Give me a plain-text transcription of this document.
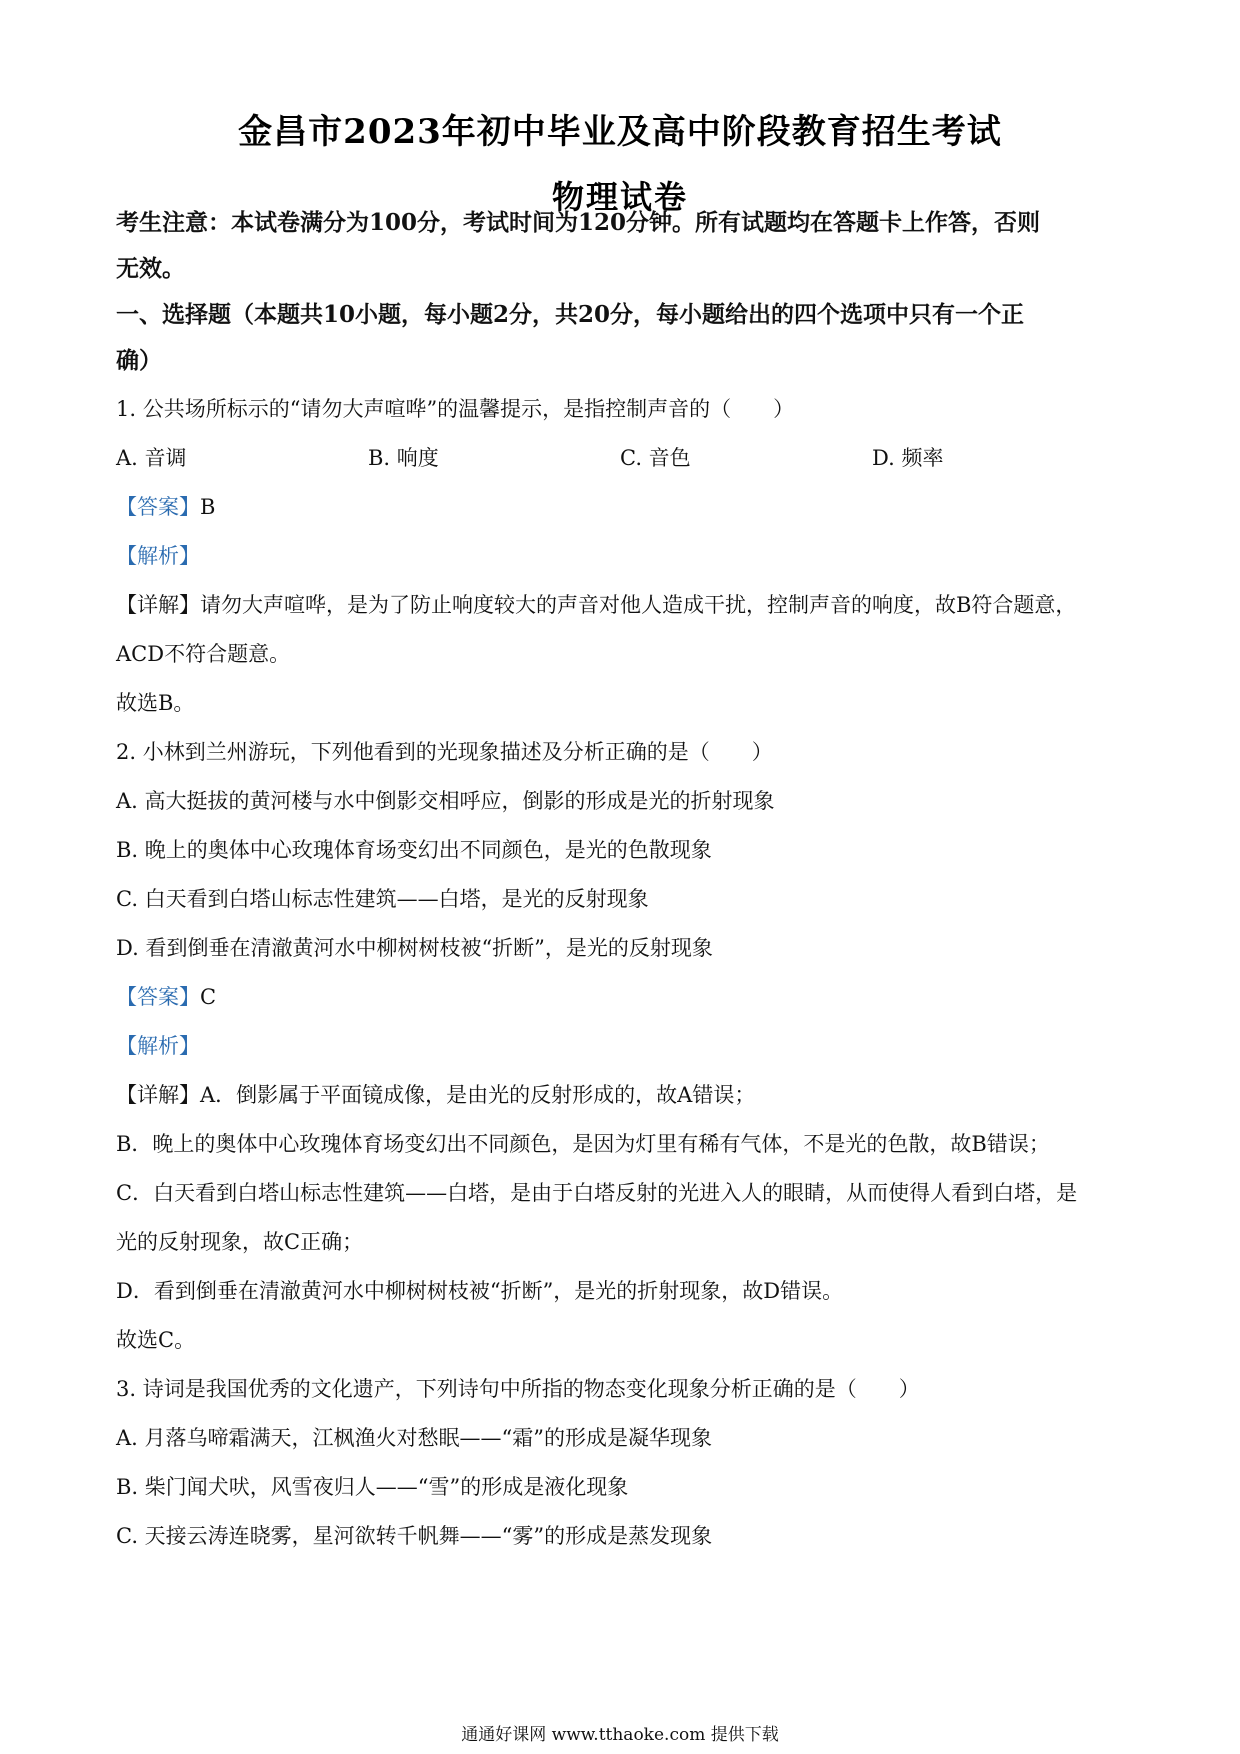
金昌市2023年初中毕业及高中阶段教育招生考试
物理试卷
考生注意：本试卷满分为100分，考试时间为120分钟。所有试题均在答题卡上作答，否则
无效。
一、选择题（本题共10小题，每小题2分，共20分，每小题给出的四个选项中只有一个正
确）
1. 公共场所标示的“请勿大声喧哗”的温馨提示，是指控制声音的（　　）
A. 音调	B. 响度	C. 音色	D. 频率
【答案】B
【解析】
【详解】请勿大声喧哗，是为了防止响度较大的声音对他人造成干扰，控制声音的响度，故B符合题意，
ACD不符合题意。
故选B。
2. 小林到兰州游玩，下列他看到的光现象描述及分析正确的是（　　）
A. 高大挺拔的黄河楼与水中倒影交相呼应，倒影的形成是光的折射现象
B. 晚上的奥体中心玫瑰体育场变幻出不同颜色，是光的色散现象
C. 白天看到白塔山标志性建筑——白塔，是光的反射现象
D. 看到倒垂在清澈黄河水中柳树树枝被“折断”，是光的反射现象
【答案】C
【解析】
【详解】A．倒影属于平面镜成像，是由光的反射形成的，故A错误；
B．晚上的奥体中心玫瑰体育场变幻出不同颜色，是因为灯里有稀有气体，不是光的色散，故B错误；
C．白天看到白塔山标志性建筑——白塔，是由于白塔反射的光进入人的眼睛，从而使得人看到白塔，是
光的反射现象，故C正确；
D．看到倒垂在清澈黄河水中柳树树枝被“折断”，是光的折射现象，故D错误。
故选C。
3. 诗词是我国优秀的文化遗产，下列诗句中所指的物态变化现象分析正确的是（　　）
A. 月落乌啼霜满天，江枫渔火对愁眠——“霜”的形成是凝华现象
B. 柴门闻犬吠，风雪夜归人——“雪”的形成是液化现象
C. 天接云涛连晓雾，星河欲转千帆舞——“雾”的形成是蒸发现象
通通好课网 www.tthaoke.com 提供下载
